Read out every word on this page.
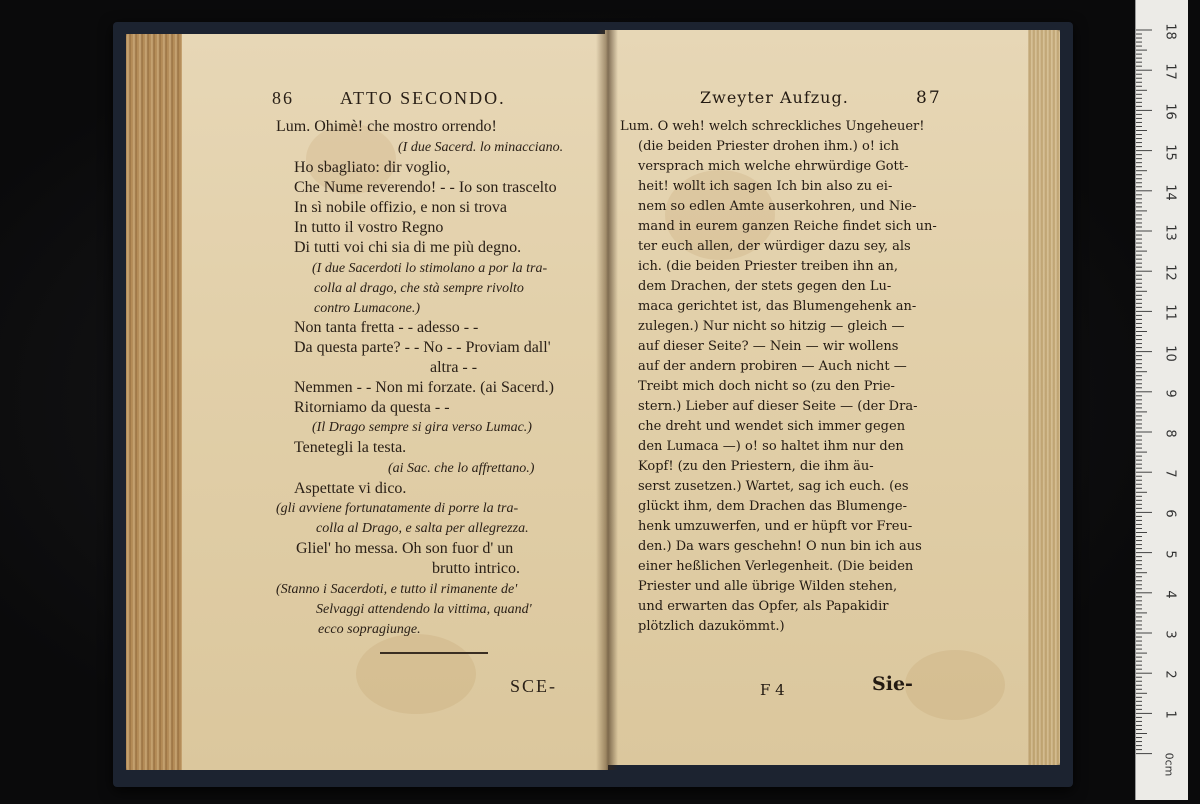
86	ATTO SECONDO.
Lum. Ohimè! che mostro orrendo!
(I due Sacerd. lo minacciano.
Ho sbagliato: dir voglio,
Che Nume reverendo! - - Io son trascelto
In sì nobile offizio, e non si trova
In tutto il vostro Regno
Di tutti voi chi sia di me più degno.
(I due Sacerdoti lo stimolano a por la tra-
colla al drago, che stà sempre rivolto
contro Lumacone.)
Non tanta fretta - - adesso - -
Da questa parte? - - No - - Proviam dall'
altra - -
Nemmen - - Non mi forzate. (ai Sacerd.)
Ritorniamo da questa - -
(Il Drago sempre si gira verso Lumac.)
Tenetegli la testa.
(ai Sac. che lo affrettano.)
Aspettate vi dico.
(gli avviene fortunatamente di porre la tra-
colla al Drago, e salta per allegrezza.
Gliel' ho messa. Oh son fuor d' un
brutto intrico.
(Stanno i Sacerdoti, e tutto il rimanente de'
Selvaggi attendendo la vittima, quand'
ecco sopragiunge.
SCE-
Zweyter Aufzug.	87
Lum. O weh! welch schreckliches Ungeheuer!
(die beiden Priester drohen ihm.) o! ich
versprach mich welche ehrwürdige Gott-
heit! wollt ich sagen Ich bin also zu ei-
nem so edlen Amte auserkohren, und Nie-
mand in eurem ganzen Reiche findet sich un-
ter euch allen, der würdiger dazu sey, als
ich. (die beiden Priester treiben ihn an,
dem Drachen, der stets gegen den Lu-
maca gerichtet ist, das Blumengehenk an-
zulegen.) Nur nicht so hitzig — gleich —
auf dieser Seite? — Nein — wir wollens
auf der andern probiren — Auch nicht —
Treibt mich doch nicht so (zu den Prie-
stern.) Lieber auf dieser Seite — (der Dra-
che dreht und wendet sich immer gegen
den Lumaca —) o! so haltet ihm nur den
Kopf! (zu den Priestern, die ihm äu-
serst zusetzen.) Wartet, sag ich euch. (es
glückt ihm, dem Drachen das Blumenge-
henk umzuwerfen, und er hüpft vor Freu-
den.) Da wars geschehn! O nun bin ich aus
einer heßlichen Verlegenheit. (Die beiden
Priester und alle übrige Wilden stehen,
und erwarten das Opfer, als Papakidir
plötzlich dazukömmt.)
F 4	Sie-
18
17
16
15
14
13
12
11
10
9
8
7
6
5
4
3
2
1
0cm
